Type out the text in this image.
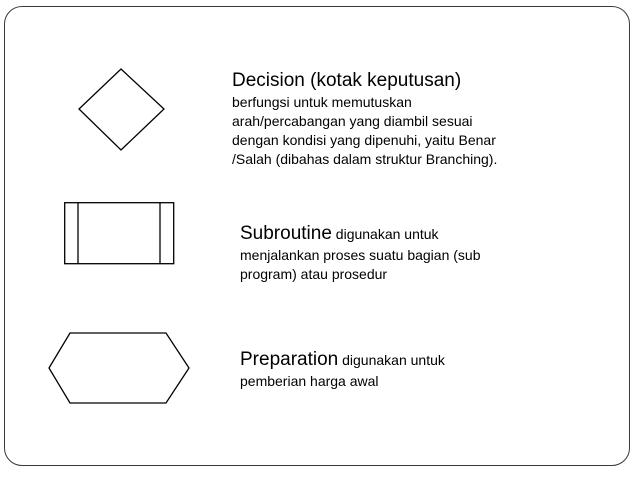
Decision (kotak keputusan)
berfungsi untuk memutuskan
arah/percabangan yang diambil sesuai
dengan kondisi yang dipenuhi, yaitu Benar
/Salah (dibahas dalam struktur Branching).
Subroutine digunakan untuk
menjalankan proses suatu bagian (sub
program) atau prosedur
Preparation digunakan untuk
pemberian harga awal
